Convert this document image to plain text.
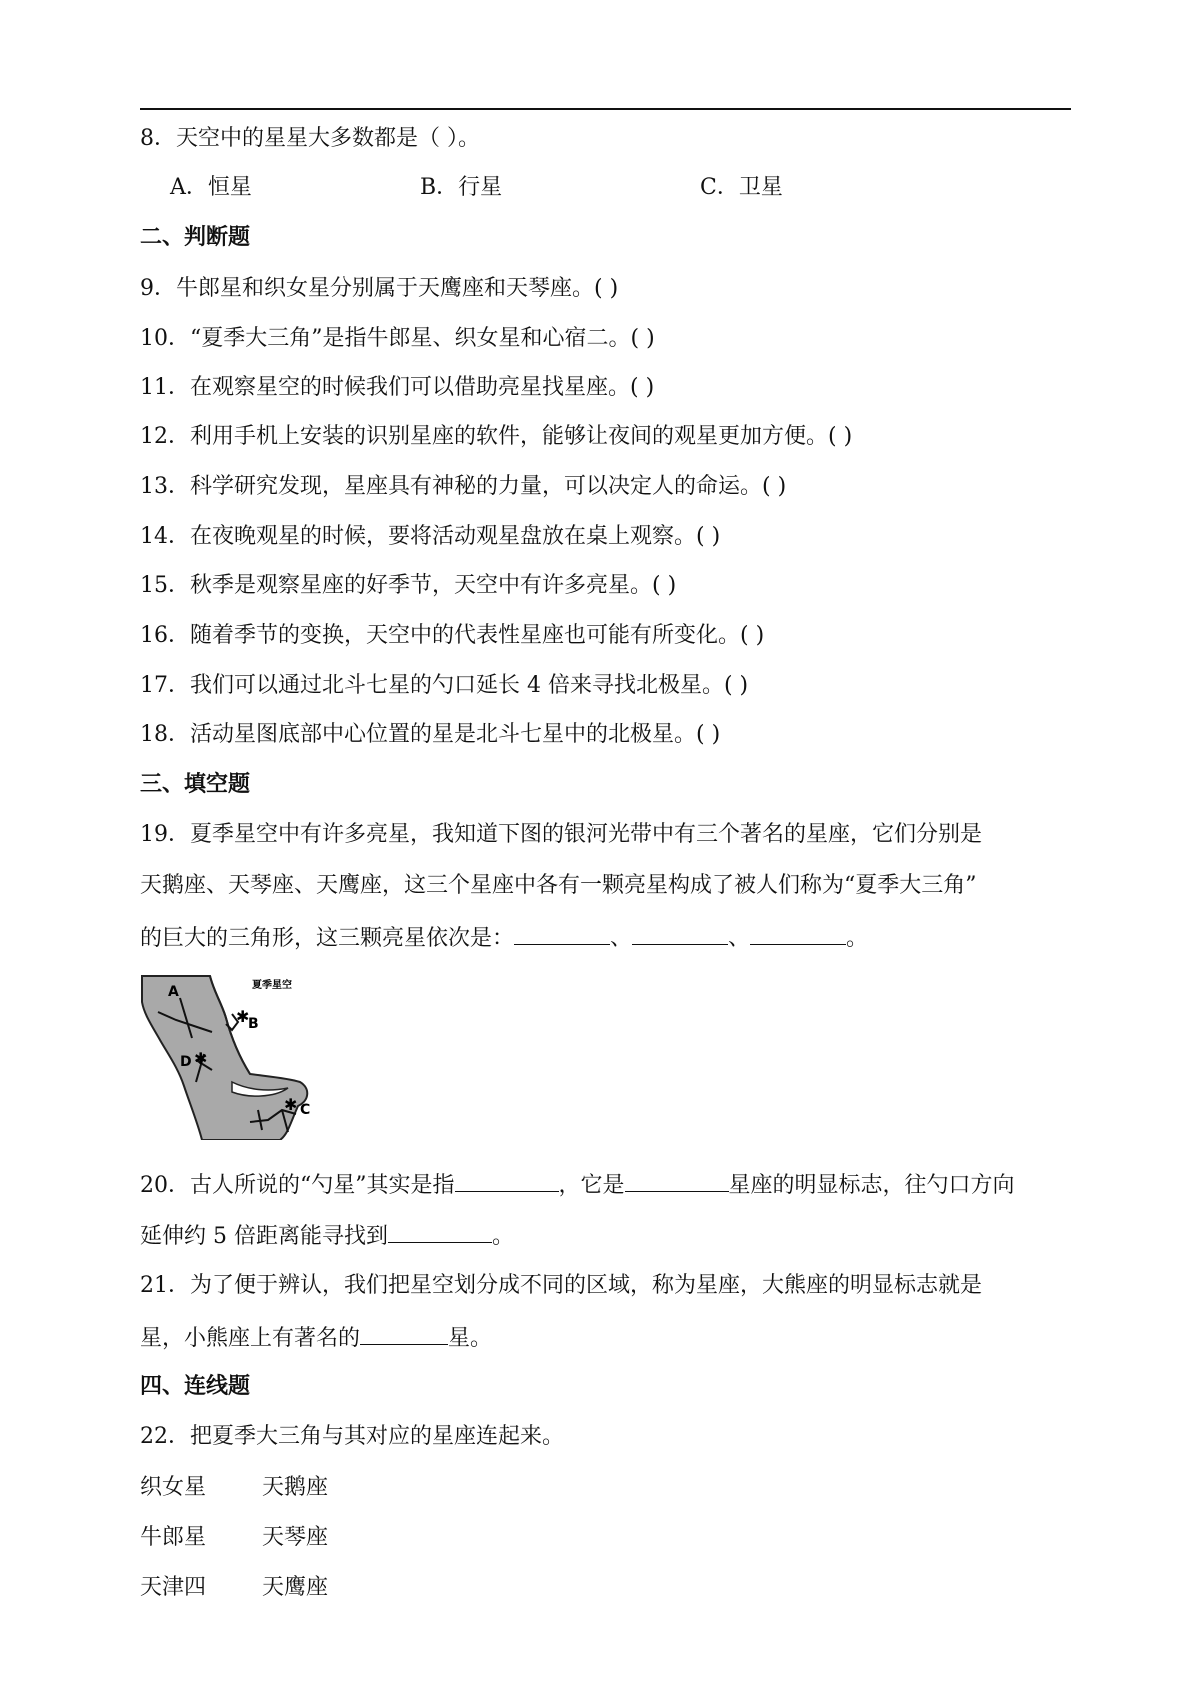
8．天空中的星星大多数都是（ ）。
A．恒星	B．行星	C．卫星
二、判断题
9．牛郎星和织女星分别属于天鹰座和天琴座。( )
10．“夏季大三角”是指牛郎星、织女星和心宿二。( )
11．在观察星空的时候我们可以借助亮星找星座。( )
12．利用手机上安装的识别星座的软件，能够让夜间的观星更加方便。( )
13．科学研究发现，星座具有神秘的力量，可以决定人的命运。( )
14．在夜晚观星的时候，要将活动观星盘放在桌上观察。( )
15．秋季是观察星座的好季节，天空中有许多亮星。( )
16．随着季节的变换，天空中的代表性星座也可能有所变化。( )
17．我们可以通过北斗七星的勺口延长 4 倍来寻找北极星。( )
18．活动星图底部中心位置的星是北斗七星中的北极星。( )
三、填空题
19．夏季星空中有许多亮星，我知道下图的银河光带中有三个著名的星座，它们分别是
天鹅座、天琴座、天鹰座，这三个星座中各有一颗亮星构成了被人们称为“夏季大三角”
的巨大的三角形，这三颗亮星依次是：	、	、	。
✱
✱
✱
A
B
C
D
夏季星空
20．古人所说的“勺星”其实是指	，它是	星座的明显标志，往勺口方向
延伸约 5 倍距离能寻找到	。
21．为了便于辨认，我们把星空划分成不同的区域，称为星座，大熊座的明显标志就是
星，小熊座上有著名的	星。
四、连线题
22．把夏季大三角与其对应的星座连起来。
织女星	天鹅座
牛郎星	天琴座
天津四	天鹰座
